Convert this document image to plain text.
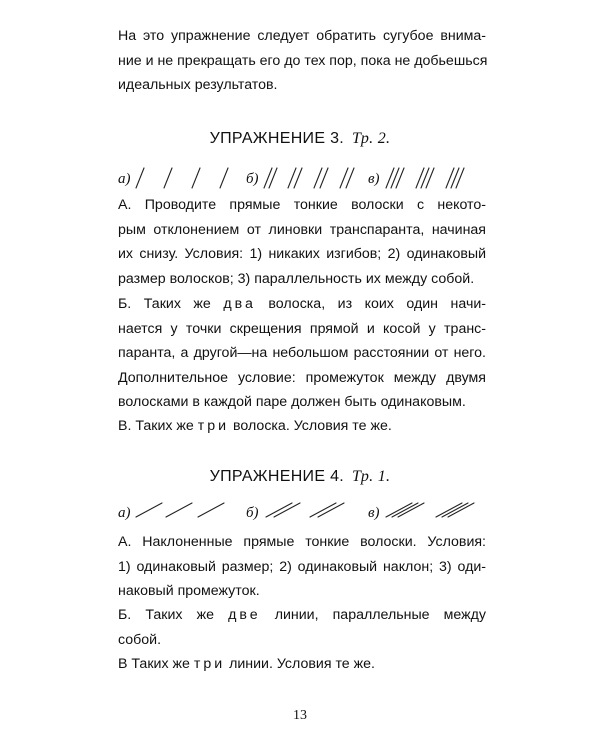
На это упражнение следует обратить сугубое внима-
ние и не прекращать его до тех пор, пока не добьешься
идеальных результатов.

УПРАЖНЕНИЕ 3. Тр. 2.
а)	б)	в)

А. Проводите прямые тонкие волоски с некото-
рым отклонением от линовки транспаранта, начиная
их снизу. Условия: 1) никаких изгибов; 2) одинаковый
размер волосков; 3) параллельность их между собой.

Б. Таких же два волоска, из коих один начи-
нается у точки скрещения прямой и косой у транс-
паранта, а другой—на небольшом расстоянии от него.
Дополнительное условие: промежуток между двумя
волосками в каждой паре должен быть одинаковым.

В. Таких же три волоска. Условия те же.

УПРАЖНЕНИЕ 4. Тр. 1.
а)	б)	в)

А. Наклоненные прямые тонкие волоски. Условия:
1) одинаковый размер; 2) одинаковый наклон; 3) оди-
наковый промежуток.

Б. Таких же две линии, параллельные между
собой.

В Таких же три линии. Условия те же.

13
